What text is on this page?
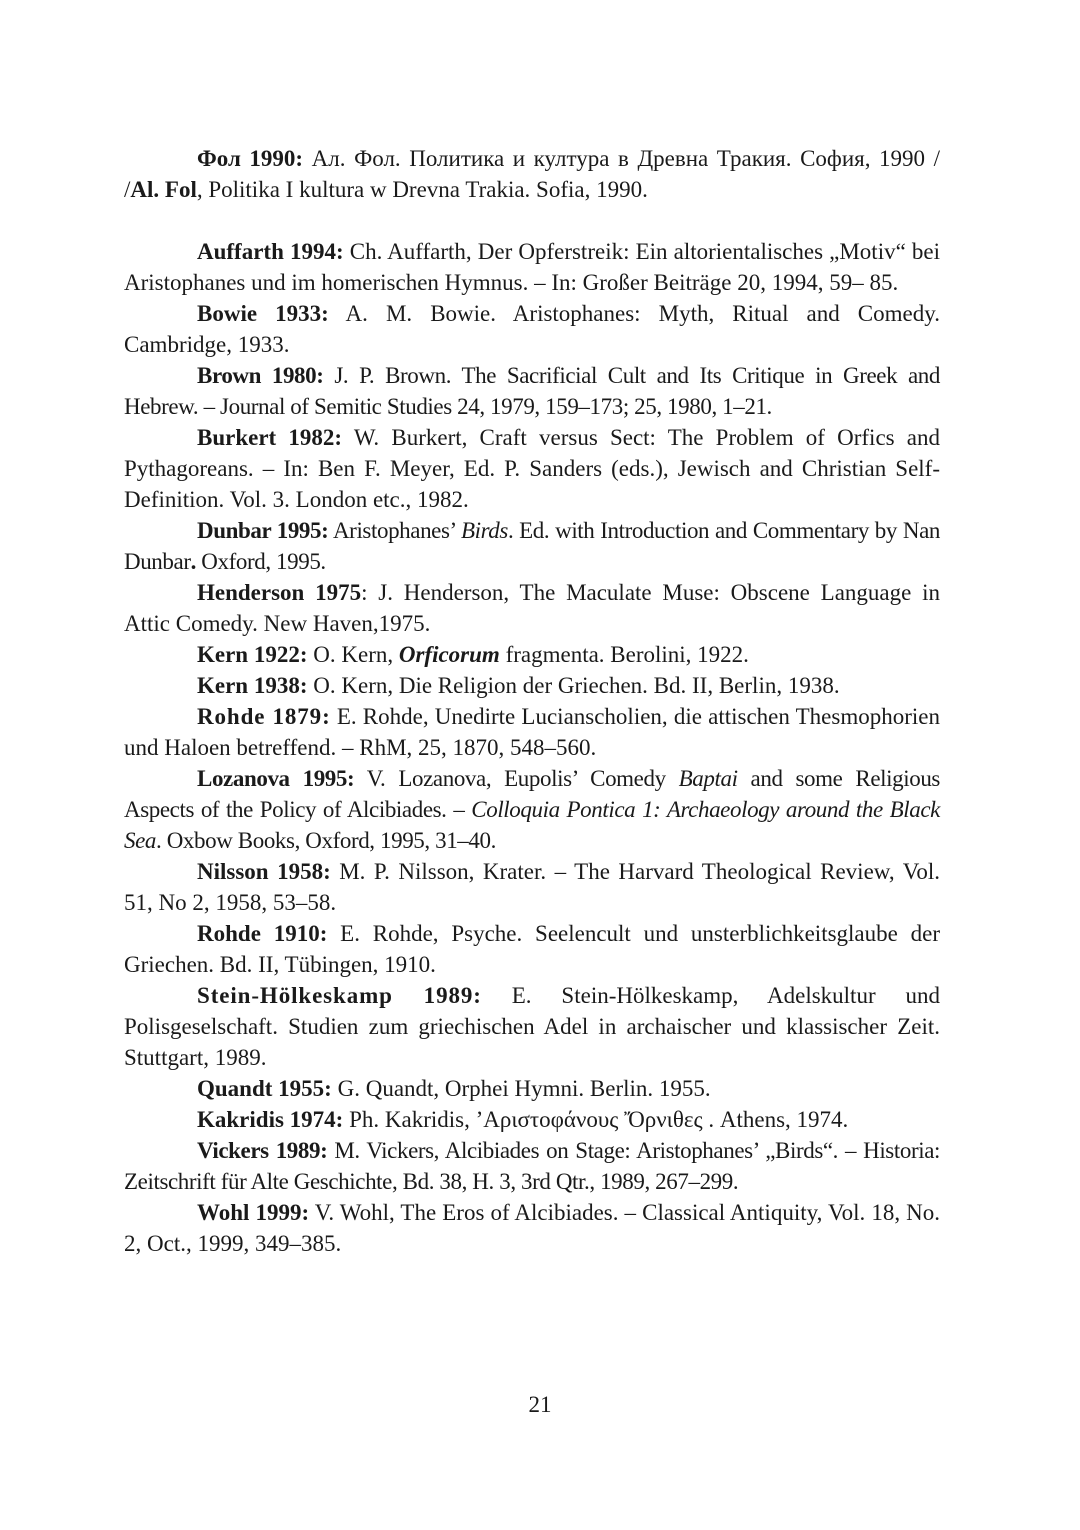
Фол 1990: Ал. Фол. Политика и култура в Древна Тракия. София, 1990 / /Al. Fol, Politika I kultura w Drevna Trakia. Sofia, 1990.

Auffarth 1994: Ch. Auffarth, Der Opferstreik: Ein altorientalisches „Motiv“ bei Aristophanes und im homerischen Hymnus. – In: Großer Beiträge 20, 1994, 59– 85.

Bowie 1933: A. M. Bowie. Aristophanes: Myth, Ritual and Comedy. Cambridge, 1933.

Brown 1980: J. P. Brown. The Sacrificial Cult and Its Critique in Greek and Hebrew. – Journal of Semitic Studies 24, 1979, 159–173; 25, 1980, 1–21.

Burkert 1982: W. Burkert, Craft versus Sect: The Problem of Orfics and Pythagoreans. – In: Ben F. Meyer, Ed. P. Sanders (eds.), Jewisch and Christian Self-Definition. Vol. 3. London etc., 1982.

Dunbar 1995: Aristophanes’ Birds. Ed. with Introduction and Commentary by Nan Dunbar. Oxford, 1995.

Henderson 1975: J. Henderson, The Maculate Muse: Obscene Language in Attic Comedy. New Haven,1975.

Kern 1922: O. Kern, Orficorum fragmenta. Berolini, 1922.

Kern 1938: O. Kern, Die Religion der Griechen. Bd. II, Berlin, 1938.

Rohde 1879: E. Rohde, Unedirte Lucianscholien, die attischen Thesmophorien und Haloen betreffend. – RhM, 25, 1870, 548–560.

Lozanova 1995: V. Lozanova, Eupolis’ Comedy Baptai and some Religious Aspects of the Policy of Alcibiades. – Colloquia Pontica 1: Archaeology around the Black Sea. Oxbow Books, Oxford, 1995, 31–40.

Nilsson 1958: M. P. Nilsson, Krater. – The Harvard Theological Review, Vol. 51, No 2, 1958, 53–58.

Rohde 1910: E. Rohde, Psyche. Seelencult und unsterblichkeitsglaube der Griechen. Bd. II, Tübingen, 1910.

Stein-Hölkeskamp 1989: E. Stein-Hölkeskamp, Adelskultur und Polisgeselschaft. Studien zum griechischen Adel in archaischer und klassischer Zeit. Stuttgart, 1989.

Quandt 1955: G. Quandt, Orphei Hymni. Berlin. 1955.

Kakridis 1974: Ph. Kakridis, ’Αριστοφάνους Ὄρνιθες . Athens, 1974.

Vickers 1989: M. Vickers, Alcibiades on Stage: Aristophanes’ „Birds“. – Historia: Zeitschrift für Alte Geschichte, Bd. 38, H. 3, 3rd Qtr., 1989, 267–299.

Wohl 1999: V. Wohl, The Eros of Alcibiades. – Classical Antiquity, Vol. 18, No. 2, Oct., 1999, 349–385.

21
